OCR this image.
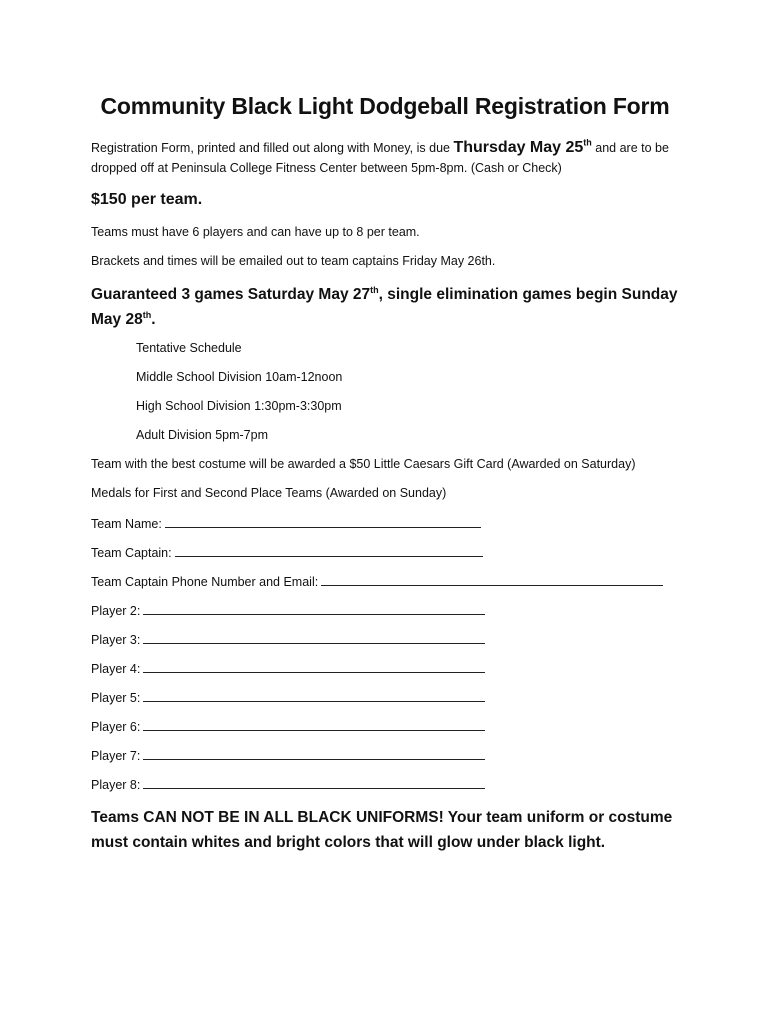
Community Black Light Dodgeball Registration Form
Registration Form, printed and filled out along with Money, is due Thursday May 25th and are to be dropped off at Peninsula College Fitness Center between 5pm-8pm. (Cash or Check)
$150 per team.
Teams must have 6 players and can have up to 8 per team.
Brackets and times will be emailed out to team captains Friday May 26th.
Guaranteed 3 games Saturday May 27th, single elimination games begin Sunday May 28th.
Tentative Schedule
Middle School Division 10am-12noon
High School Division 1:30pm-3:30pm
Adult Division 5pm-7pm
Team with the best costume will be awarded a $50 Little Caesars Gift Card (Awarded on Saturday)
Medals for First and Second Place Teams (Awarded on Sunday)
Team Name:
Team Captain:
Team Captain Phone Number and Email:
Player 2:
Player 3:
Player 4:
Player 5:
Player 6:
Player 7:
Player 8:
Teams CAN NOT BE IN ALL BLACK UNIFORMS! Your team uniform or costume must contain whites and bright colors that will glow under black light.
